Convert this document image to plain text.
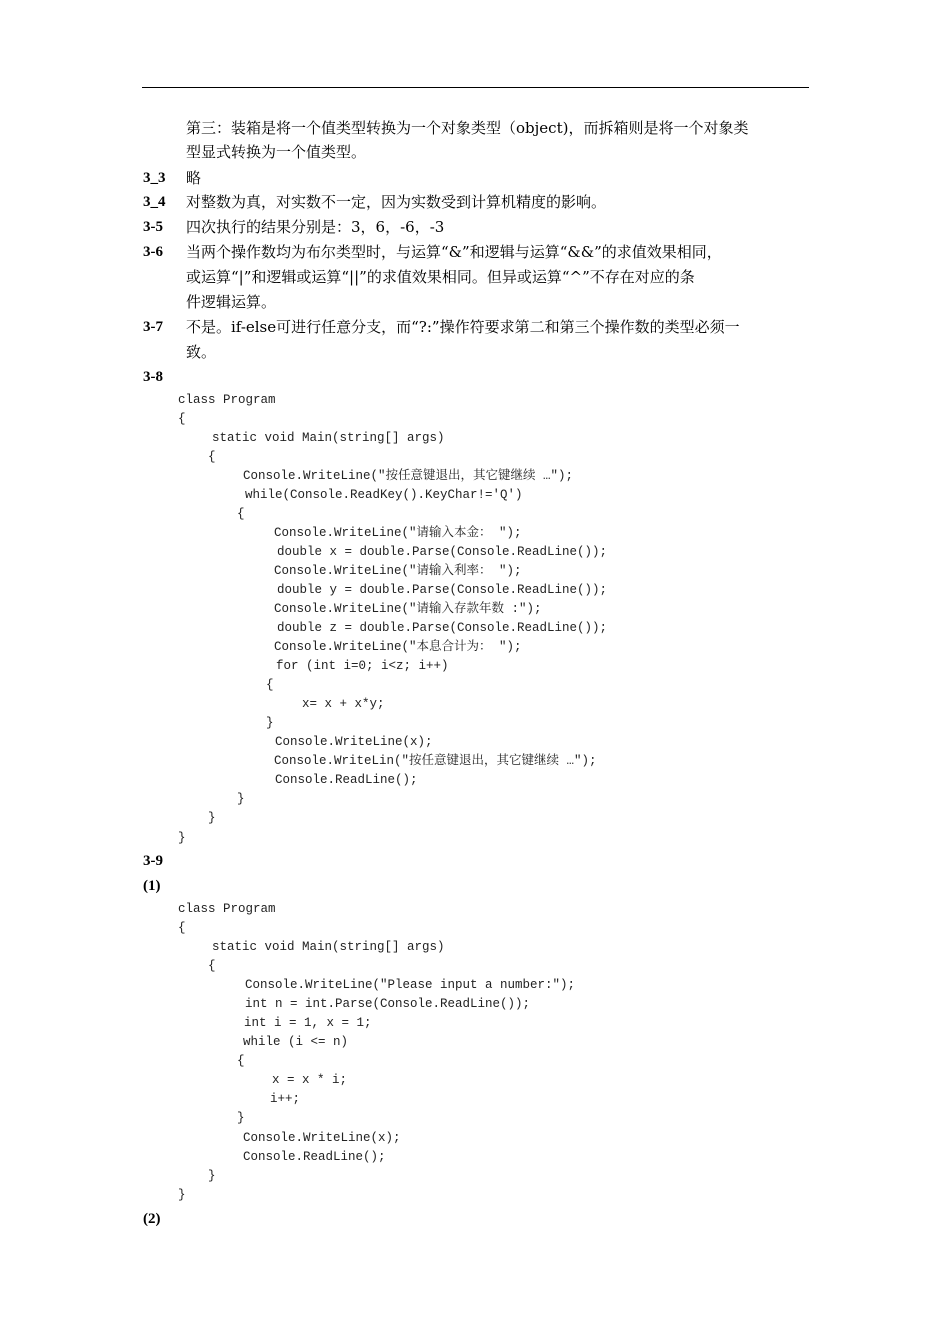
第三：装箱是将一个值类型转换为一个对象类型（object)，而拆箱则是将一个对象类
型显式转换为一个值类型。
3_3 略
3_4 对整数为真，对实数不一定，因为实数受到计算机精度的影响。
3-5 四次执行的结果分别是：3，6，-6，-3
3-6 当两个操作数均为布尔类型时，与运算“&”和逻辑与运算“&&”的求值效果相同，
或运算“|”和逻辑或运算“||”的求值效果相同。但异或运算“^”不存在对应的条
件逻辑运算。
3-7 不是。if-else可进行任意分支，而“?:”操作符要求第二和第三个操作数的类型必须一
致。
3-8
class Program
{
static void Main(string[] args)
{
Console.WriteLine("按任意键退出，其它键继续 …");
while(Console.ReadKey().KeyChar!='Q')
{
Console.WriteLine("请输入本金： ");
double x = double.Parse(Console.ReadLine());
Console.WriteLine("请输入利率： ");
double y = double.Parse(Console.ReadLine());
Console.WriteLine("请输入存款年数 :");
double z = double.Parse(Console.ReadLine());
Console.WriteLine("本息合计为： ");
for (int i=0; i<z; i++)
{
x= x + x*y;
}
Console.WriteLine(x);
Console.WriteLin("按任意键退出，其它键继续 …");
Console.ReadLine();
}
}
}
3-9
(1)
class Program
{
static void Main(string[] args)
{
Console.WriteLine("Please input a number:");
int n = int.Parse(Console.ReadLine());
int i = 1, x = 1;
while (i <= n)
{
x = x * i;
i++;
}
Console.WriteLine(x);
Console.ReadLine();
}
}
(2)
